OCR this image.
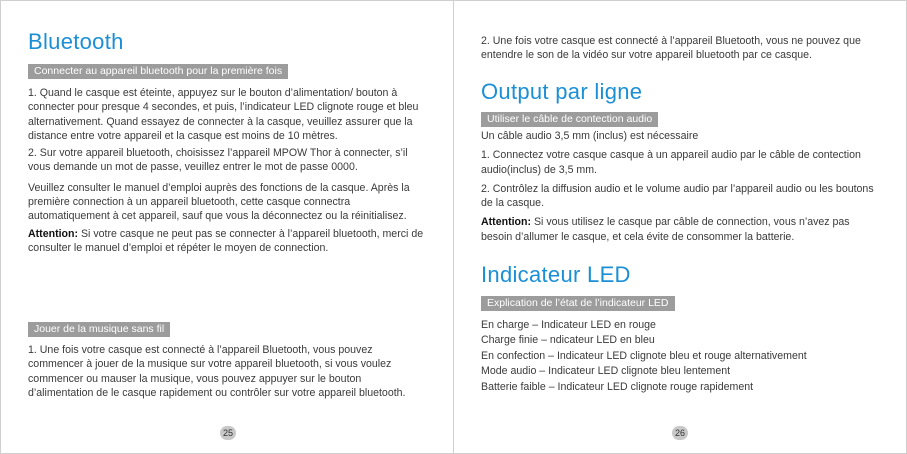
Bluetooth
Connecter au appareil bluetooth pour la première fois

1. Quand le casque est éteinte, appuyez sur le bouton d’alimentation/ bouton à connecter pour presque 4 secondes, et puis, l’indicateur LED clignote rouge et bleu alternativement. Quand essayez de connecter à la casque, veuillez assurer que la distance entre votre appareil et la casque est moins de 10 mètres.

2. Sur votre appareil bluetooth, choisissez l’appareil MPOW Thor à connecter, s’il vous demande un mot de passe, veuillez entrer le mot de passe 0000.

Veuillez consulter le manuel d’emploi auprès des fonctions de la casque. Après la première connection à un appareil bluetooth, cette casque connectra automatiquement à cet appareil, sauf que vous la déconnectez ou la réinitialisez.

Attention: Si votre casque ne peut pas se connecter à l’appareil bluetooth, merci de consulter le manuel d’emploi et répéter le moyen de connection.

Jouer de la musique sans fil

1. Une fois votre casque est connecté à l’appareil Bluetooth, vous pouvez commencer à jouer de la musique sur votre appareil bluetooth, si vous voulez commencer ou mauser la musique, vous pouvez appuyer sur le bouton d’alimentation de le casque rapidement ou contrôler sur votre appareil bluetooth.

25

2. Une fois votre casque est connecté à l’appareil Bluetooth, vous ne pouvez que entendre le son de la vidéo sur votre appareil bluetooth par ce casque.

Output par ligne
Utiliser le câble de contection audio

Un câble audio 3,5 mm (inclus) est nécessaire

1. Connectez votre casque casque à un appareil audio par le câble de contection audio(inclus) de 3,5 mm.

2. Contrôlez la diffusion audio et le volume audio par l’appareil audio ou les boutons de la casque.

Attention: Si vous utilisez le casque par câble de connection, vous n’avez pas besoin d’allumer le casque, et cela évite de consommer la batterie.

Indicateur LED
Explication de l’état de l’indicateur LED

En charge – Indicateur LED en rouge

Charge finie – ndicateur LED en bleu

En confection – Indicateur LED clignote bleu et rouge alternativement

Mode audio – Indicateur LED clignote bleu lentement

Batterie faible – Indicateur LED clignote rouge rapidement

26
